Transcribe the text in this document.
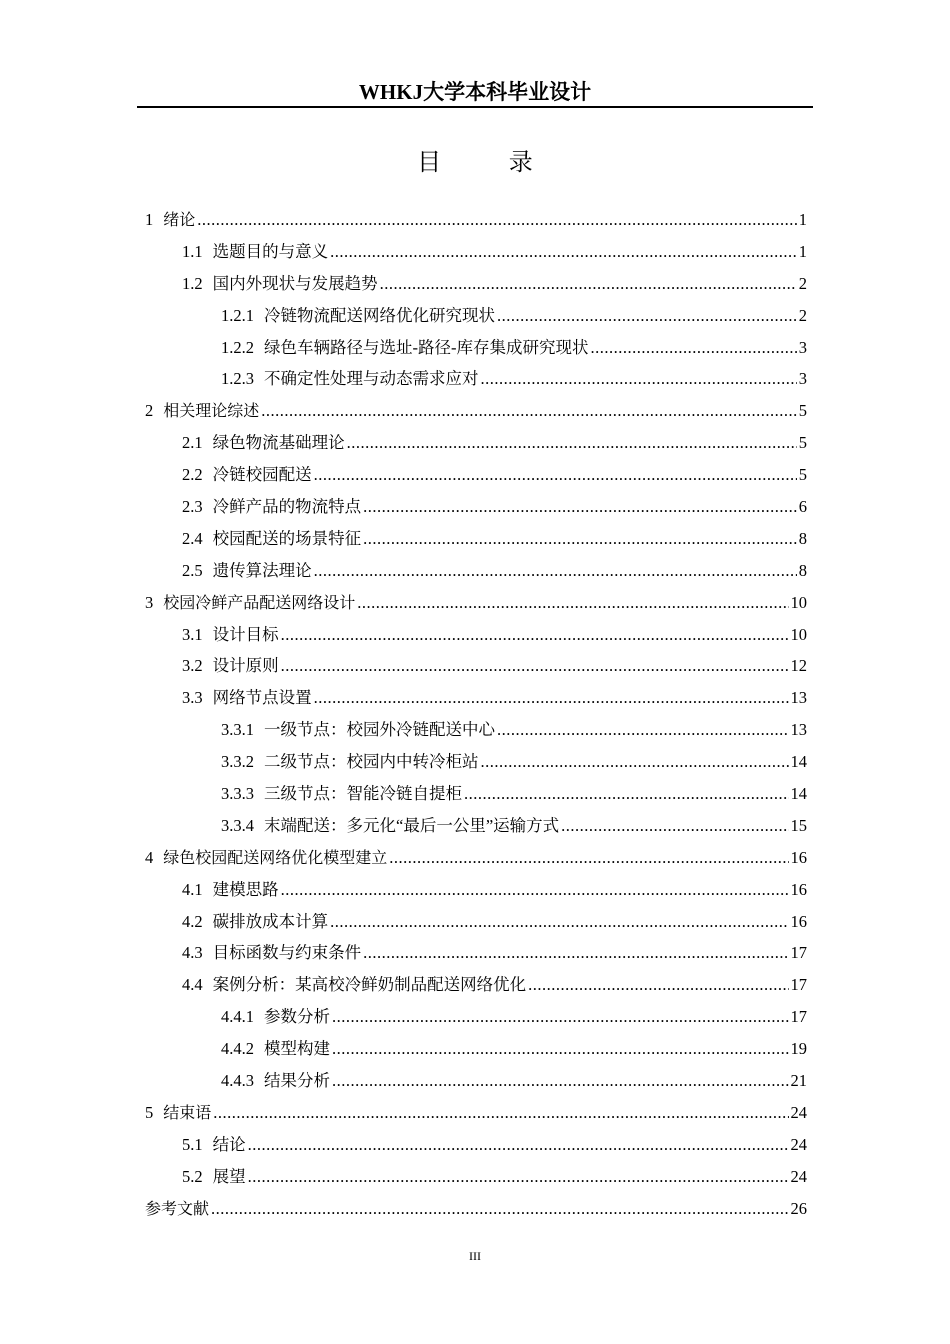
WHKJ大学本科毕业设计
目 录
1 绪论 .....	1
1.1 选题目的与意义 .....	1
1.2 国内外现状与发展趋势 .....	2
1.2.1 冷链物流配送网络优化研究现状 .....	2
1.2.2 绿色车辆路径与选址-路径-库存集成研究现状 .....	3
1.2.3 不确定性处理与动态需求应对 .....	3
2 相关理论综述 .....	5
2.1 绿色物流基础理论 .....	5
2.2 冷链校园配送 .....	5
2.3 冷鲜产品的物流特点 .....	6
2.4 校园配送的场景特征 .....	8
2.5 遗传算法理论 .....	8
3 校园冷鲜产品配送网络设计 .....	10
3.1 设计目标 .....	10
3.2 设计原则 .....	12
3.3 网络节点设置 .....	13
3.3.1 一级节点：校园外冷链配送中心 .....	13
3.3.2 二级节点：校园内中转冷柜站 .....	14
3.3.3 三级节点：智能冷链自提柜 .....	14
3.3.4 末端配送：多元化“最后一公里”运输方式 .....	15
4 绿色校园配送网络优化模型建立 .....	16
4.1 建模思路 .....	16
4.2 碳排放成本计算 .....	16
4.3 目标函数与约束条件 .....	17
4.4 案例分析：某高校冷鲜奶制品配送网络优化 .....	17
4.4.1 参数分析 .....	17
4.4.2 模型构建 .....	19
4.4.3 结果分析 .....	21
5 结束语 .....	24
5.1 结论 .....	24
5.2 展望 .....	24
参考文献 .....	26
III
